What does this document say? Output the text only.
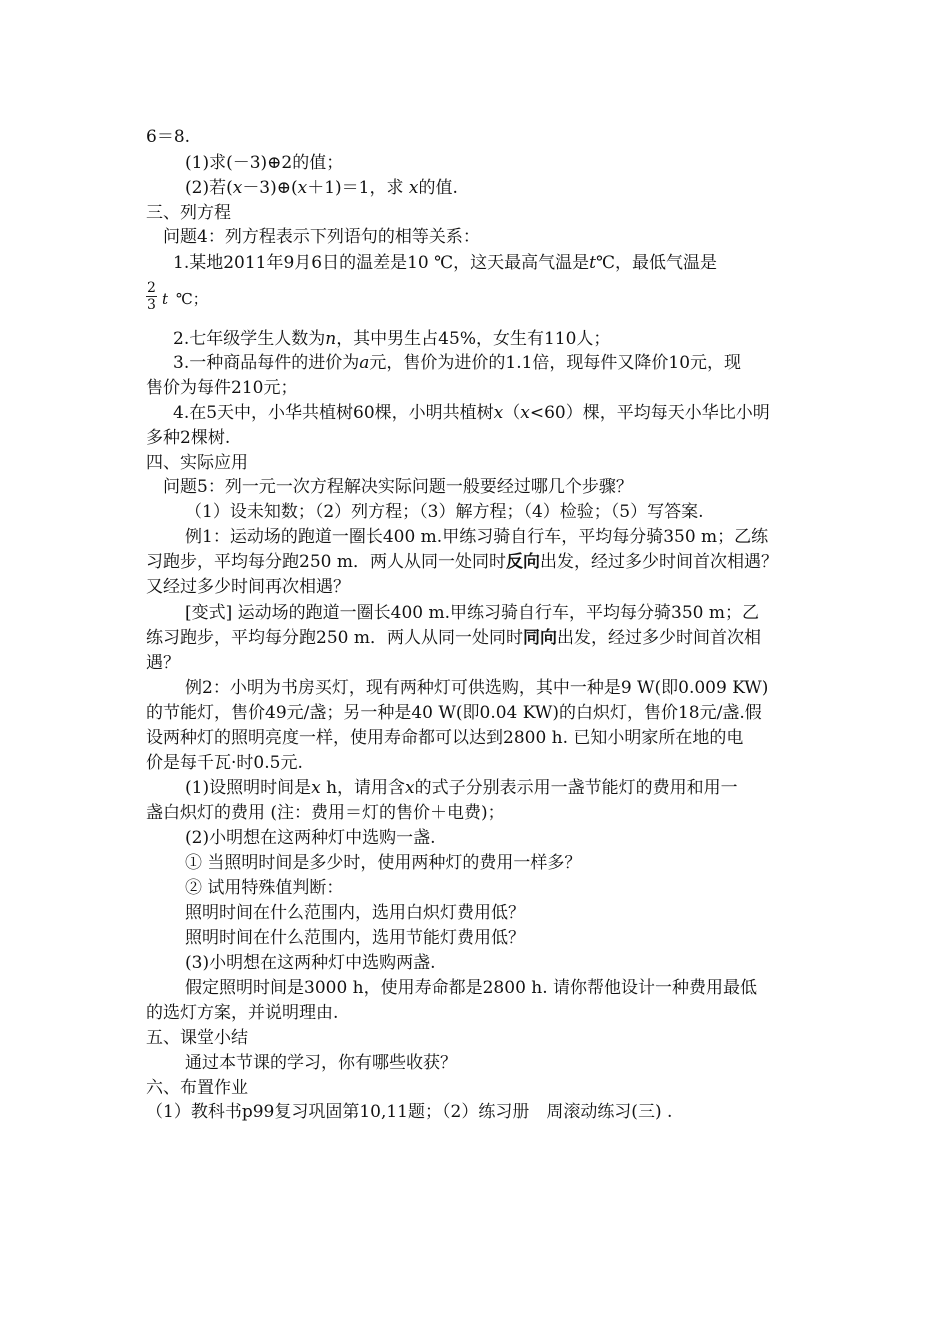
6＝8.
(1)求(－3)⊕2的值；
(2)若(x－3)⊕(x＋1)＝1，求 x的值.
三、列方程
问题4：列方程表示下列语句的相等关系：
1.某地2011年9月6日的温差是10 ℃，这天最高气温是t℃，最低气温是
$\frac{2}{3}$ t ℃；
2.七年级学生人数为n，其中男生占45%，女生有110人；
3.一种商品每件的进价为a元，售价为进价的1.1倍，现每件又降价10元，现
售价为每件210元；
4.在5天中，小华共植树60棵，小明共植树x（x<60）棵，平均每天小华比小明
多种2棵树.
四、实际应用
问题5：列一元一次方程解决实际问题一般要经过哪几个步骤？
（1）设未知数；（2）列方程；（3）解方程；（4）检验；（5）写答案.
例1：运动场的跑道一圈长400 m.甲练习骑自行车，平均每分骑350 m；乙练
习跑步，平均每分跑250 m．两人从同一处同时反向出发，经过多少时间首次相遇？
又经过多少时间再次相遇？
[变式] 运动场的跑道一圈长400 m.甲练习骑自行车，平均每分骑350 m；乙
练习跑步，平均每分跑250 m．两人从同一处同时同向出发，经过多少时间首次相
遇？
例2：小明为书房买灯，现有两种灯可供选购，其中一种是9 W(即0.009 KW)
的节能灯，售价49元/盏；另一种是40 W(即0.04 KW)的白炽灯，售价18元/盏.假
设两种灯的照明亮度一样，使用寿命都可以达到2800 h. 已知小明家所在地的电
价是每千瓦·时0.5元.
(1)设照明时间是x h，请用含x的式子分别表示用一盏节能灯的费用和用一
盏白炽灯的费用 (注：费用＝灯的售价＋电费)；
(2)小明想在这两种灯中选购一盏.
① 当照明时间是多少时，使用两种灯的费用一样多？
② 试用特殊值判断：
照明时间在什么范围内，选用白炽灯费用低？
照明时间在什么范围内，选用节能灯费用低？
(3)小明想在这两种灯中选购两盏.
假定照明时间是3000 h，使用寿命都是2800 h. 请你帮他设计一种费用最低
的选灯方案，并说明理由.
五、课堂小结
通过本节课的学习，你有哪些收获？
六、布置作业
（1）教科书p99复习巩固第10,11题；（2）练习册　周滚动练习(三) .
